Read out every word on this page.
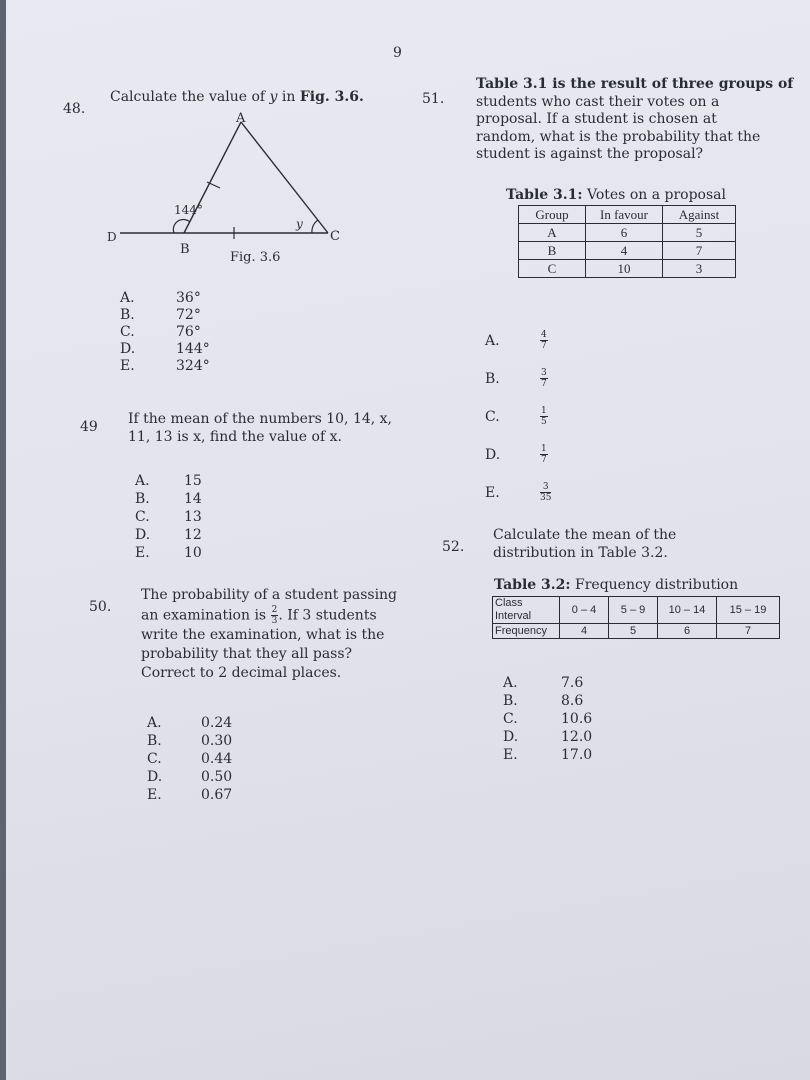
9
48.
Calculate the value of y in Fig. 3.6.
A
B
C
D
144°
y
Fig. 3.6
A.	36°
B.	72°
C.	76°
D.	144°
E.	324°
49 If the mean of the numbers 10, 14, x,
11, 13 is x, find the value of x.
A. 15
B. 14
C. 13
D. 12
E. 10
50.
The probability of a student passing
an examination is $\frac{2}{3}$ . If 3 students
write the examination, what is the
probability that they all pass?
Correct to 2 decimal places.
A.	0.24
B.	0.30
C.	0.44
D.	0.50
E.	0.67
51.
Table 3.1 is the result of three groups of
students who cast their votes on a
proposal. If a student is chosen at
random, what is the probability that the
student is against the proposal?
Table 3.1: Votes on a proposal
Group	In favour	Against
A	6	5
B	4	7
C	10	3
A.	$\frac{4}{7}$
B.	$\frac{3}{7}$
C.	$\frac{1}{5}$
D.	$\frac{1}{7}$
E.	$\frac{3}{35}$
52.
Calculate the mean of the
distribution in Table 3.2.
Table 3.2: Frequency distribution
Class
Interval	0 – 4	5 – 9	10 – 14	15 – 19
Frequency	4	5	6	7
A.	7.6
B.	8.6
C.	10.6
D.	12.0
E.	17.0
